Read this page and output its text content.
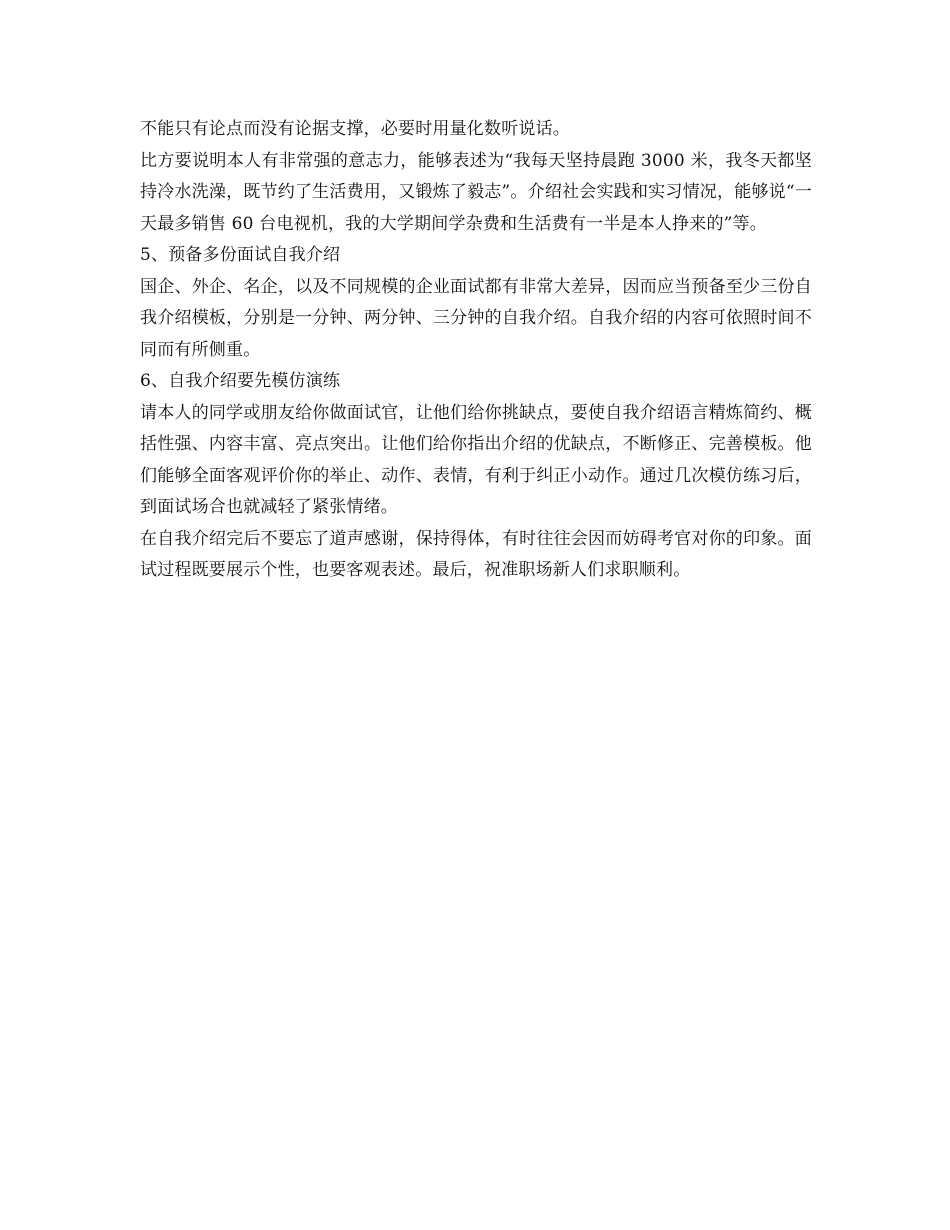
不能只有论点而没有论据支撑，必要时用量化数听说话。

比方要说明本人有非常强的意志力，能够表述为“我每天坚持晨跑 3000 米，我冬天都坚持冷水洗澡，既节约了生活费用，又锻炼了毅志”。介绍社会实践和实习情况，能够说“一天最多销售 60 台电视机，我的大学期间学杂费和生活费有一半是本人挣来的”等。

5、预备多份面试自我介绍

国企、外企、名企，以及不同规模的企业面试都有非常大差异，因而应当预备至少三份自我介绍模板，分别是一分钟、两分钟、三分钟的自我介绍。自我介绍的内容可依照时间不同而有所侧重。

6、自我介绍要先模仿演练

请本人的同学或朋友给你做面试官，让他们给你挑缺点，要使自我介绍语言精炼简约、概括性强、内容丰富、亮点突出。让他们给你指出介绍的优缺点，不断修正、完善模板。他们能够全面客观评价你的举止、动作、表情，有利于纠正小动作。通过几次模仿练习后，到面试场合也就减轻了紧张情绪。

在自我介绍完后不要忘了道声感谢，保持得体，有时往往会因而妨碍考官对你的印象。面试过程既要展示个性，也要客观表述。最后，祝准职场新人们求职顺利。
